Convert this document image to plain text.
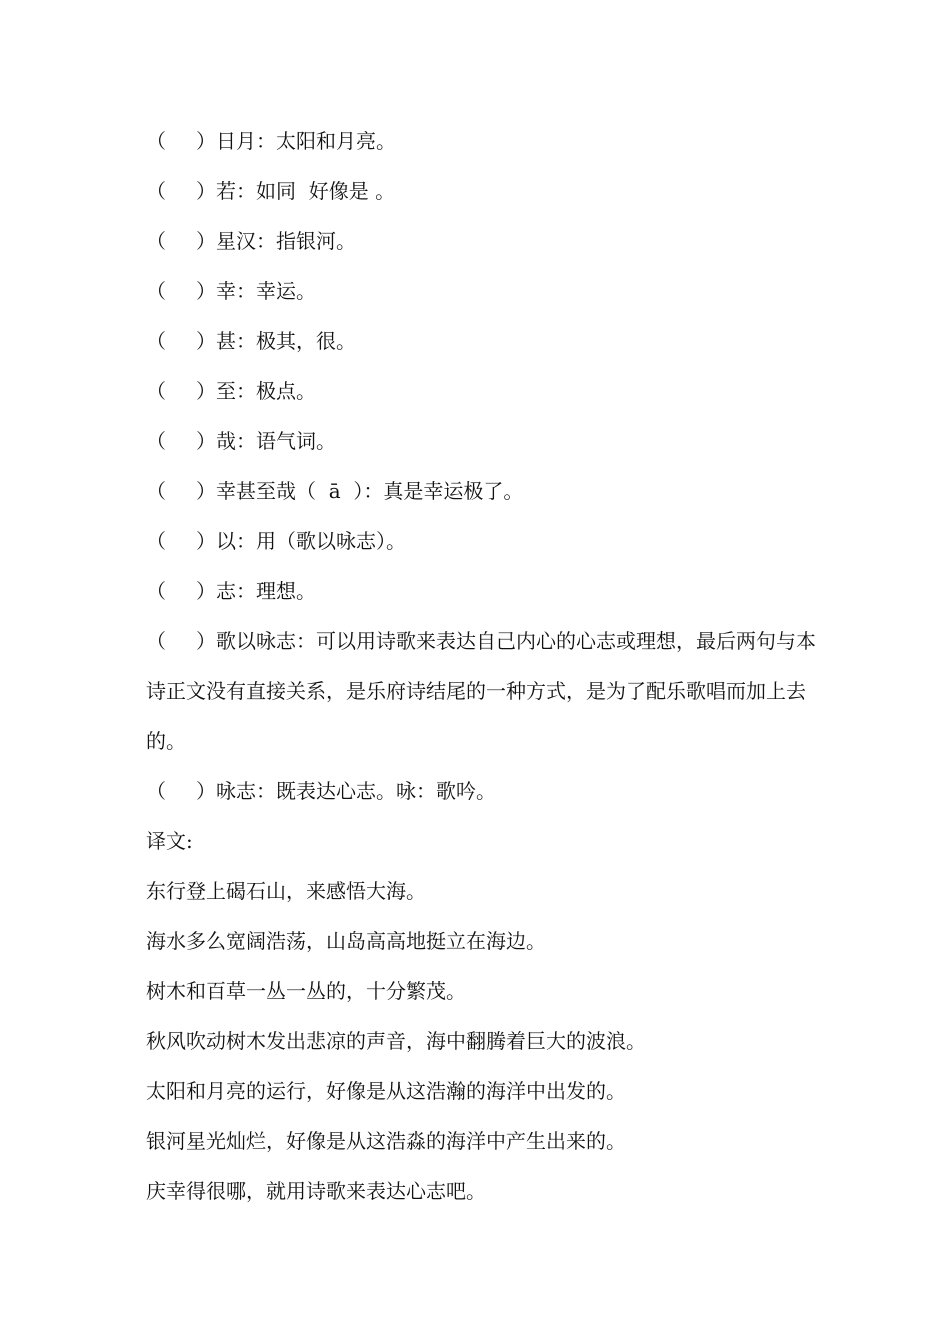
（ ）日月：太阳和月亮。
（ ）若：如同  好像是 。
（ ）星汉：指银河。
（ ）幸：幸运。
（ ）甚：极其，很。
（ ）至：极点。
（ ）哉：语气词。
（ ）幸甚至哉（  ā  ）：真是幸运极了。
（ ）以：用（歌以咏志）。
（ ）志：理想。
（ ）歌以咏志：可以用诗歌来表达自己内心的心志或理想，最后两句与本诗正文没有直接关系，是乐府诗结尾的一种方式，是为了配乐歌唱而加上去的。
（ ）咏志：既表达心志。咏：歌吟。
译文:
东行登上碣石山，来感悟大海。
海水多么宽阔浩荡，山岛高高地挺立在海边。
树木和百草一丛一丛的，十分繁茂。
秋风吹动树木发出悲凉的声音，海中翻腾着巨大的波浪。
太阳和月亮的运行，好像是从这浩瀚的海洋中出发的。
银河星光灿烂，好像是从这浩淼的海洋中产生出来的。
庆幸得很哪，就用诗歌来表达心志吧。
